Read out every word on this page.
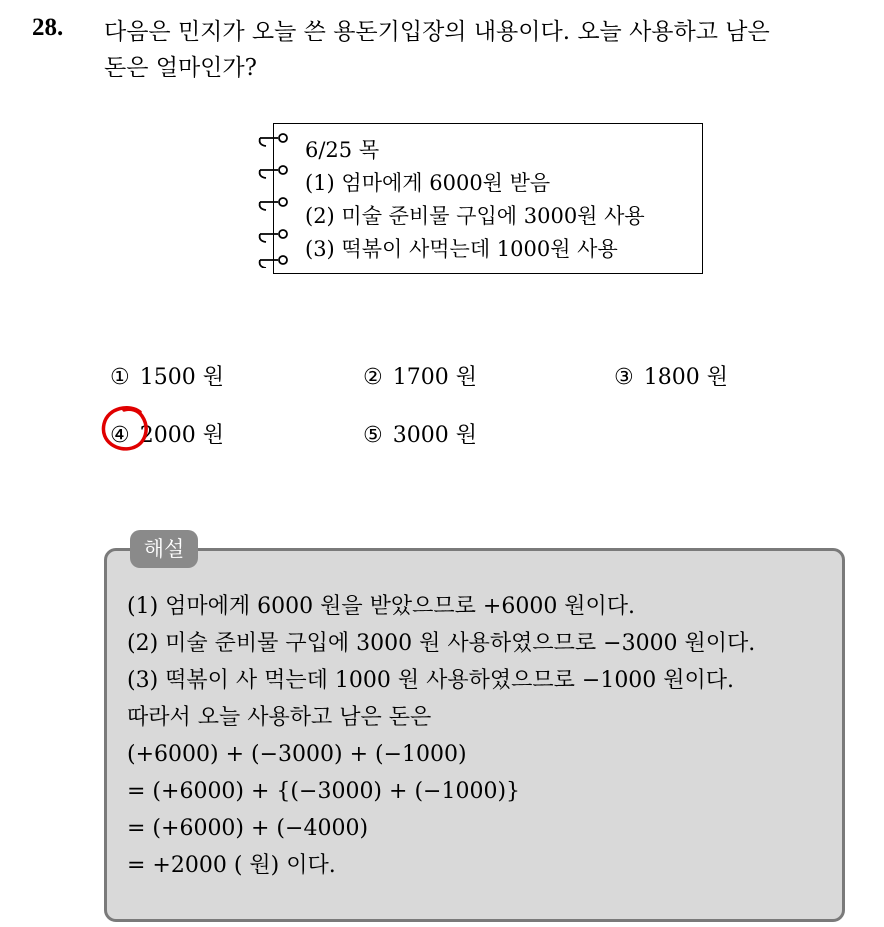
28. 다음은 민지가 오늘 쓴 용돈기입장의 내용이다. 오늘 사용하고 남은
돈은 얼마인가?
6/25 목
(1) 엄마에게 6000원 받음
(2) 미술 준비물 구입에 3000원 사용
(3) 떡볶이 사먹는데 1000원 사용
① 1500 원	② 1700 원	③ 1800 원
④ 2000 원	⑤ 3000 원
해설
(1) 엄마에게 6000 원을 받았으므로 +6000 원이다.
(2) 미술 준비물 구입에 3000 원 사용하였으므로 −3000 원이다.
(3) 떡볶이 사 먹는데 1000 원 사용하였으므로 −1000 원이다.
따라서 오늘 사용하고 남은 돈은
(+6000) + (−3000) + (−1000)
= (+6000) + {(−3000) + (−1000)}
= (+6000) + (−4000)
= +2000 ( 원) 이다.
